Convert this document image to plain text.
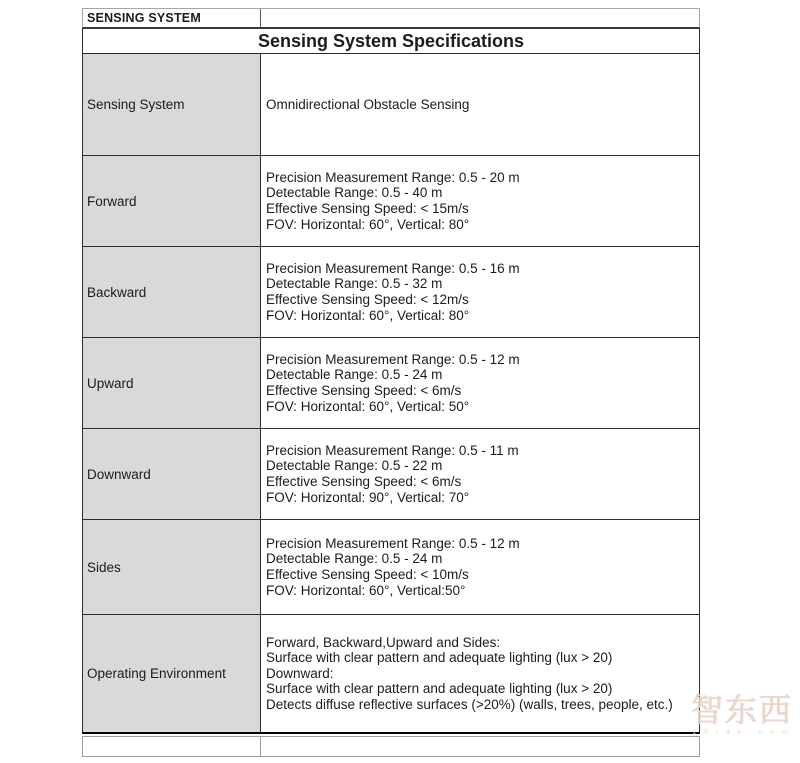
SENSING SYSTEM
Sensing System Specifications
Sensing System	Omnidirectional Obstacle Sensing
Forward
Precision Measurement Range: 0.5 - 20 m
Detectable Range: 0.5 - 40 m
Effective Sensing Speed: < 15m/s
FOV: Horizontal: 60°, Vertical: 80°
Backward
Precision Measurement Range: 0.5 - 16 m
Detectable Range: 0.5 - 32 m
Effective Sensing Speed: < 12m/s
FOV: Horizontal: 60°, Vertical: 80°
Upward
Precision Measurement Range: 0.5 - 12 m
Detectable Range: 0.5 - 24 m
Effective Sensing Speed: < 6m/s
FOV: Horizontal: 60°, Vertical: 50°
Downward
Precision Measurement Range: 0.5 - 11 m
Detectable Range: 0.5 - 22 m
Effective Sensing Speed: < 6m/s
FOV: Horizontal: 90°, Vertical: 70°
Sides
Precision Measurement Range: 0.5 - 12 m
Detectable Range: 0.5 - 24 m
Effective Sensing Speed: < 10m/s
FOV: Horizontal: 60°, Vertical:50°
Operating Environment
Forward, Backward,Upward and Sides:
Surface with clear pattern and adequate lighting (lux > 20)
Downward:
Surface with clear pattern and adequate lighting (lux > 20)
Detects diffuse reflective surfaces (>20%) (walls, trees, people, etc.) 智东西
z h i d x . c o m
